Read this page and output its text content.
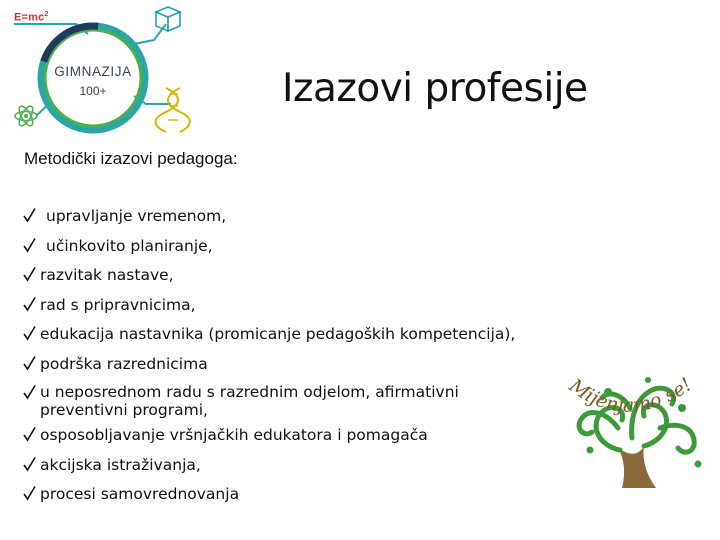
$E=mc^2$
GIMNAZIJA
100+	Izazovi profesije
Metodički izazovi pedagoga:
upravljanje vremenom,
učinkovito planiranje,
razvitak nastave,
rad s pripravnicima,
edukacija nastavnika (promicanje pedagoških kompetencija),
podrška razrednicima
u neposrednom radu s razrednim odjelom, afirmativni
preventivni programi,
osposobljavanje vršnjačkih edukatora i pomagača
akcijska istraživanja,
procesi samovrednovanja
Mijenjamo se!
